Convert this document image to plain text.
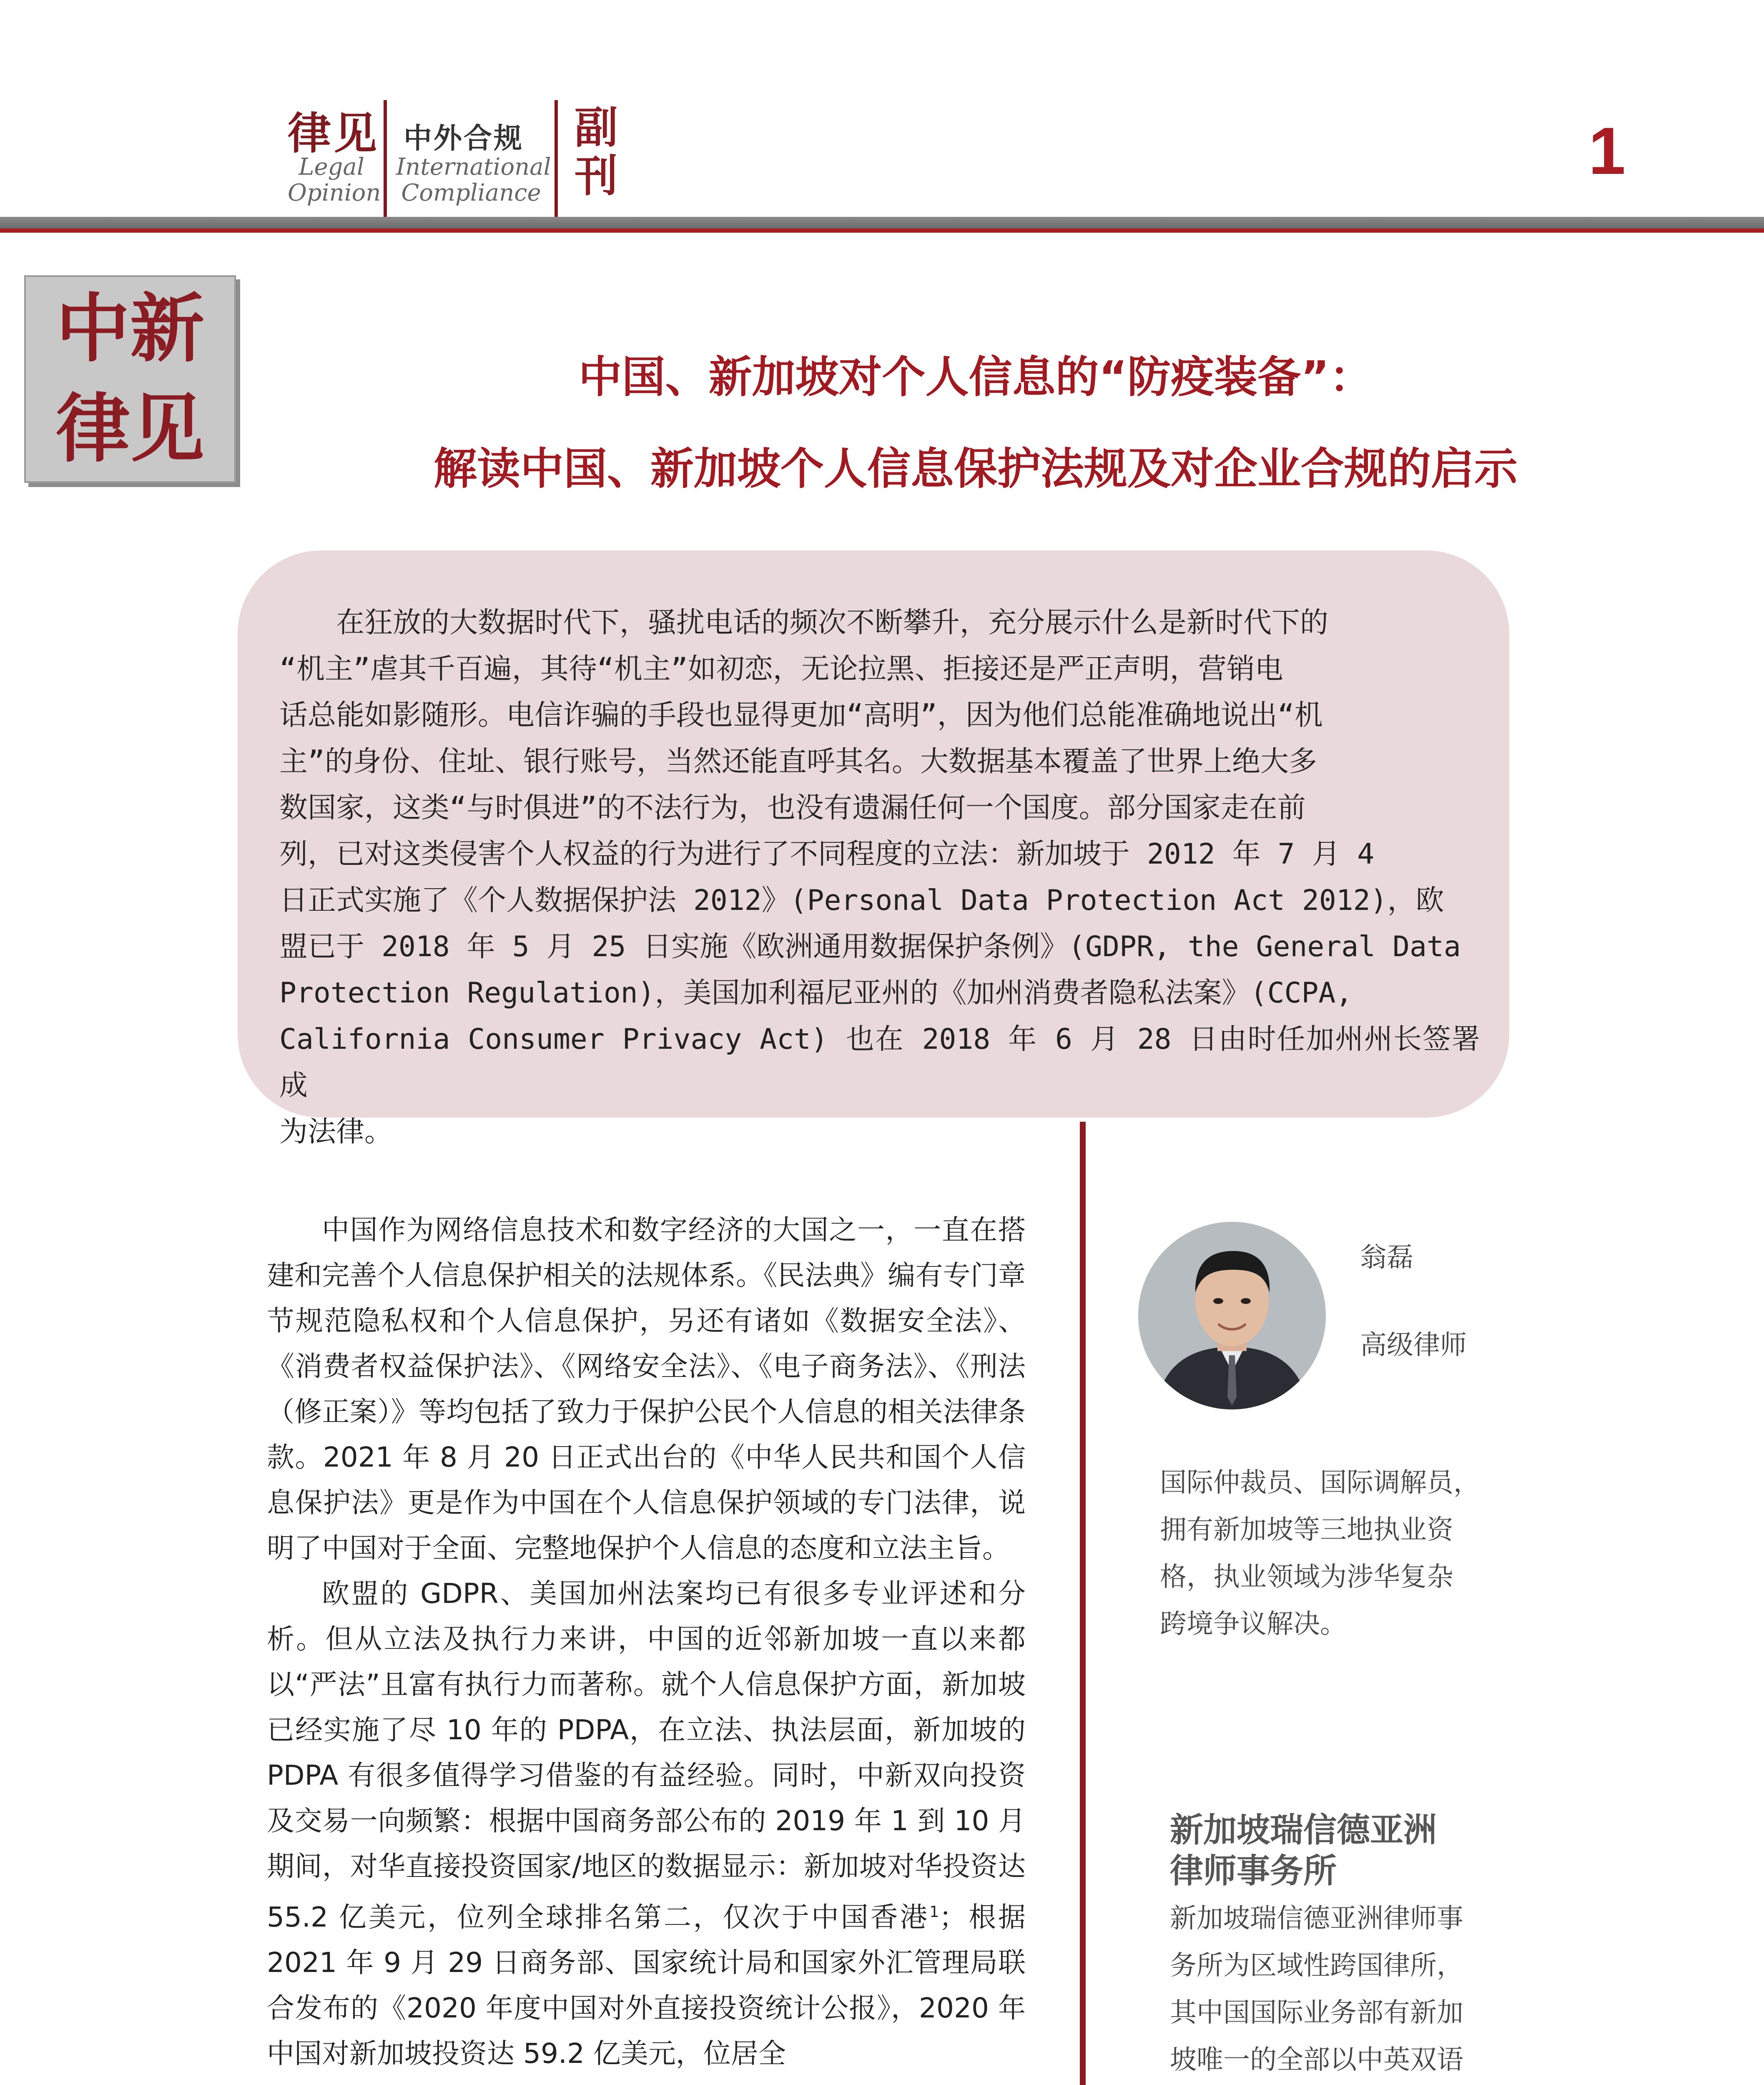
律见
Legal
Opinion
中外合规
International
Compliance
副
刊	1
中新
律见
中国、新加坡对个人信息的“防疫装备”：
解读中国、新加坡个人信息保护法规及对企业合规的启示
　　在狂放的大数据时代下，骚扰电话的频次不断攀升，充分展示什么是新时代下的
“机主”虐其千百遍，其待“机主”如初恋，无论拉黑、拒接还是严正声明，营销电
话总能如影随形。电信诈骗的手段也显得更加“高明”，因为他们总能准确地说出“机
主”的身份、住址、银行账号，当然还能直呼其名。大数据基本覆盖了世界上绝大多
数国家，这类“与时俱进”的不法行为，也没有遗漏任何一个国度。部分国家走在前
列，已对这类侵害个人权益的行为进行了不同程度的立法：新加坡于 2012 年 7 月 4
日正式实施了《个人数据保护法 2012》(Personal Data Protection Act 2012)，欧
盟已于 2018 年 5 月 25 日实施《欧洲通用数据保护条例》(GDPR, the General Data
Protection Regulation)，美国加利福尼亚州的《加州消费者隐私法案》(CCPA,
California Consumer Privacy Act) 也在 2018 年 6 月 28 日由时任加州州长签署成
为法律。

中国作为网络信息技术和数字经济的大国之一，一直在搭建和完善个人信息保护相关的法规体系。《民法典》编有专门章节规范隐私权和个人信息保护，另还有诸如《数据安全法》、《消费者权益保护法》、《网络安全法》、《电子商务法》、《刑法（修正案）》等均包括了致力于保护公民个人信息的相关法律条款。2021 年 8 月 20 日正式出台的《中华人民共和国个人信息保护法》更是作为中国在个人信息保护领域的专门法律，说明了中国对于全面、完整地保护个人信息的态度和立法主旨。

欧盟的 GDPR、美国加州法案均已有很多专业评述和分析。但从立法及执行力来讲，中国的近邻新加坡一直以来都以“严法”且富有执行力而著称。就个人信息保护方面，新加坡已经实施了尽 10 年的 PDPA，在立法、执法层面，新加坡的 PDPA 有很多值得学习借鉴的有益经验。同时，中新双向投资及交易一向频繁：根据中国商务部公布的 2019 年 1 到 10 月期间，对华直接投资国家/地区的数据显示：新加坡对华投资达 55.2 亿美元，位列全球排名第二，仅次于中国香港$^1$；根据 2021 年 9 月 29 日商务部、国家统计局和国家外汇管理局联合发布的《2020 年度中国对外直接投资统计公报》，2020 年中国对新加坡投资达 59.2 亿美元，位居全

翁磊
高级律师
国际仲裁员、国际调解员，
拥有新加坡等三地执业资
格，执业领域为涉华复杂
跨境争议解决。
新加坡瑞信德亚洲
律师事务所
新加坡瑞信德亚洲律师事
务所为区域性跨国律所，
其中国国际业务部有新加
坡唯一的全部以中英双语
